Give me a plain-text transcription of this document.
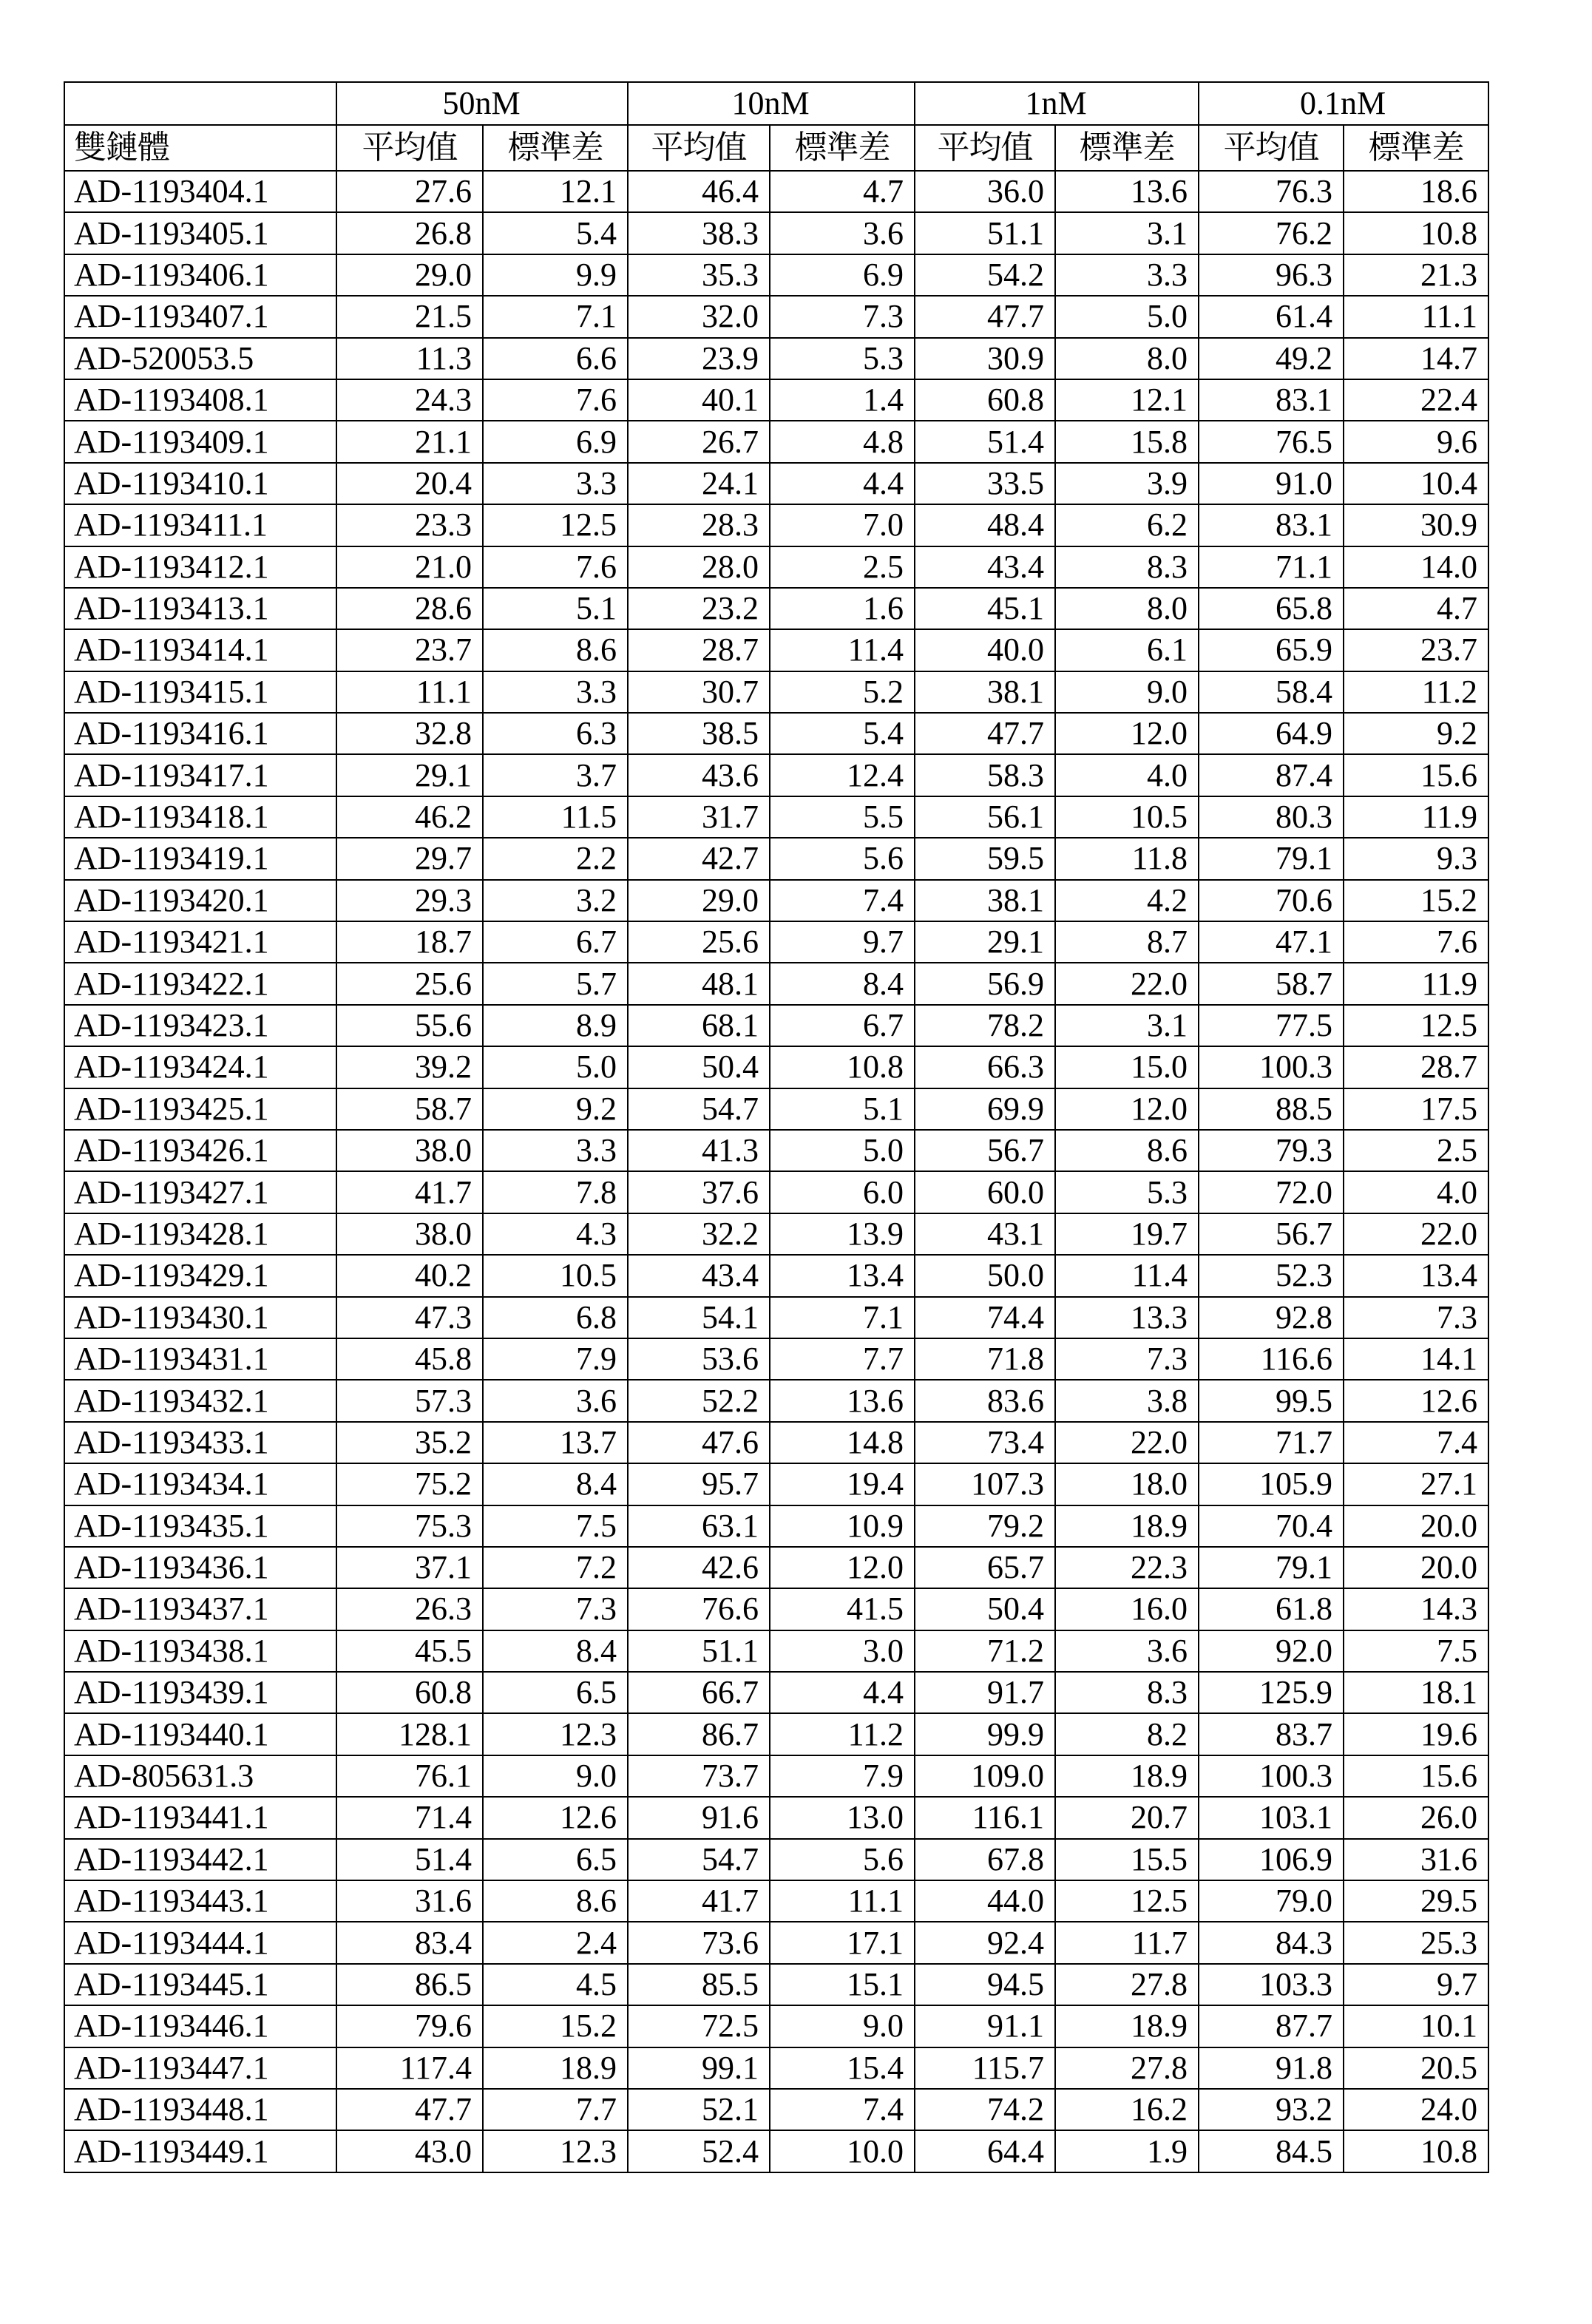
	50nM		10nM		1nM		0.1nM	
雙鏈體	平均值	標準差	平均值	標準差	平均值	標準差	平均值	標準差
AD-1193404.1	27.6	12.1	46.4	4.7	36.0	13.6	76.3	18.6
AD-1193405.1	26.8	5.4	38.3	3.6	51.1	3.1	76.2	10.8
AD-1193406.1	29.0	9.9	35.3	6.9	54.2	3.3	96.3	21.3
AD-1193407.1	21.5	7.1	32.0	7.3	47.7	5.0	61.4	11.1
AD-520053.5	11.3	6.6	23.9	5.3	30.9	8.0	49.2	14.7
AD-1193408.1	24.3	7.6	40.1	1.4	60.8	12.1	83.1	22.4
AD-1193409.1	21.1	6.9	26.7	4.8	51.4	15.8	76.5	9.6
AD-1193410.1	20.4	3.3	24.1	4.4	33.5	3.9	91.0	10.4
AD-1193411.1	23.3	12.5	28.3	7.0	48.4	6.2	83.1	30.9
AD-1193412.1	21.0	7.6	28.0	2.5	43.4	8.3	71.1	14.0
AD-1193413.1	28.6	5.1	23.2	1.6	45.1	8.0	65.8	4.7
AD-1193414.1	23.7	8.6	28.7	11.4	40.0	6.1	65.9	23.7
AD-1193415.1	11.1	3.3	30.7	5.2	38.1	9.0	58.4	11.2
AD-1193416.1	32.8	6.3	38.5	5.4	47.7	12.0	64.9	9.2
AD-1193417.1	29.1	3.7	43.6	12.4	58.3	4.0	87.4	15.6
AD-1193418.1	46.2	11.5	31.7	5.5	56.1	10.5	80.3	11.9
AD-1193419.1	29.7	2.2	42.7	5.6	59.5	11.8	79.1	9.3
AD-1193420.1	29.3	3.2	29.0	7.4	38.1	4.2	70.6	15.2
AD-1193421.1	18.7	6.7	25.6	9.7	29.1	8.7	47.1	7.6
AD-1193422.1	25.6	5.7	48.1	8.4	56.9	22.0	58.7	11.9
AD-1193423.1	55.6	8.9	68.1	6.7	78.2	3.1	77.5	12.5
AD-1193424.1	39.2	5.0	50.4	10.8	66.3	15.0	100.3	28.7
AD-1193425.1	58.7	9.2	54.7	5.1	69.9	12.0	88.5	17.5
AD-1193426.1	38.0	3.3	41.3	5.0	56.7	8.6	79.3	2.5
AD-1193427.1	41.7	7.8	37.6	6.0	60.0	5.3	72.0	4.0
AD-1193428.1	38.0	4.3	32.2	13.9	43.1	19.7	56.7	22.0
AD-1193429.1	40.2	10.5	43.4	13.4	50.0	11.4	52.3	13.4
AD-1193430.1	47.3	6.8	54.1	7.1	74.4	13.3	92.8	7.3
AD-1193431.1	45.8	7.9	53.6	7.7	71.8	7.3	116.6	14.1
AD-1193432.1	57.3	3.6	52.2	13.6	83.6	3.8	99.5	12.6
AD-1193433.1	35.2	13.7	47.6	14.8	73.4	22.0	71.7	7.4
AD-1193434.1	75.2	8.4	95.7	19.4	107.3	18.0	105.9	27.1
AD-1193435.1	75.3	7.5	63.1	10.9	79.2	18.9	70.4	20.0
AD-1193436.1	37.1	7.2	42.6	12.0	65.7	22.3	79.1	20.0
AD-1193437.1	26.3	7.3	76.6	41.5	50.4	16.0	61.8	14.3
AD-1193438.1	45.5	8.4	51.1	3.0	71.2	3.6	92.0	7.5
AD-1193439.1	60.8	6.5	66.7	4.4	91.7	8.3	125.9	18.1
AD-1193440.1	128.1	12.3	86.7	11.2	99.9	8.2	83.7	19.6
AD-805631.3	76.1	9.0	73.7	7.9	109.0	18.9	100.3	15.6
AD-1193441.1	71.4	12.6	91.6	13.0	116.1	20.7	103.1	26.0
AD-1193442.1	51.4	6.5	54.7	5.6	67.8	15.5	106.9	31.6
AD-1193443.1	31.6	8.6	41.7	11.1	44.0	12.5	79.0	29.5
AD-1193444.1	83.4	2.4	73.6	17.1	92.4	11.7	84.3	25.3
AD-1193445.1	86.5	4.5	85.5	15.1	94.5	27.8	103.3	9.7
AD-1193446.1	79.6	15.2	72.5	9.0	91.1	18.9	87.7	10.1
AD-1193447.1	117.4	18.9	99.1	15.4	115.7	27.8	91.8	20.5
AD-1193448.1	47.7	7.7	52.1	7.4	74.2	16.2	93.2	24.0
AD-1193449.1	43.0	12.3	52.4	10.0	64.4	1.9	84.5	10.8
